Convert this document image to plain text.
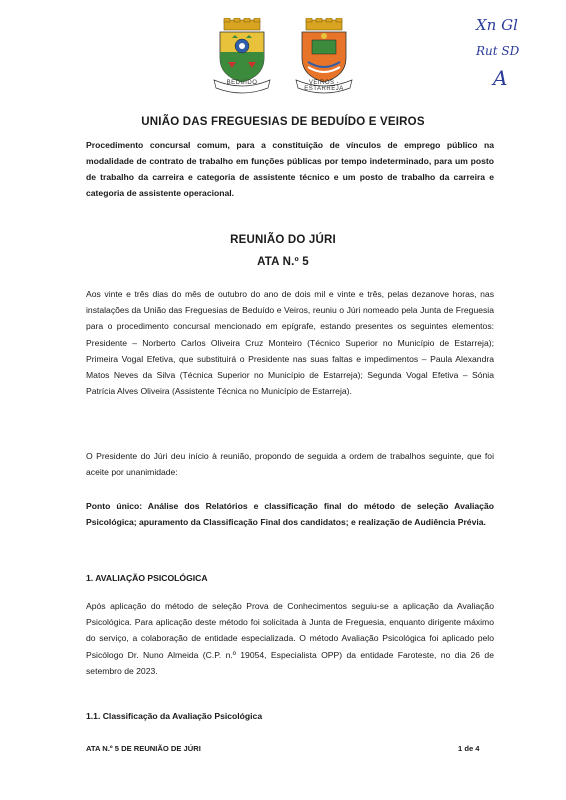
BEDUÍDO	VEIROS - ESTARREJA
Xn Gl
Rut SD
A
UNIÃO DAS FREGUESIAS DE BEDUÍDO E VEIROS
Procedimento concursal comum, para a constituição de vínculos de emprego público na modalidade de contrato de trabalho em funções públicas por tempo indeterminado, para um posto de trabalho da carreira e categoria de assistente técnico e um posto de trabalho da carreira e categoria de assistente operacional.
REUNIÃO DO JÚRI
ATA N.º 5
Aos vinte e três dias do mês de outubro do ano de dois mil e vinte e três, pelas dezanove horas, nas instalações da União das Freguesias de Beduído e Veiros, reuniu o Júri nomeado pela Junta de Freguesia para o procedimento concursal mencionado em epígrafe, estando presentes os seguintes elementos: Presidente – Norberto Carlos Oliveira Cruz Monteiro (Técnico Superior no Município de Estarreja); Primeira Vogal Efetiva, que substituirá o Presidente nas suas faltas e impedimentos – Paula Alexandra Matos Neves da Silva (Técnica Superior no Município de Estarreja); Segunda Vogal Efetiva – Sónia Patrícia Alves Oliveira (Assistente Técnica no Município de Estarreja).
O Presidente do Júri deu início à reunião, propondo de seguida a ordem de trabalhos seguinte, que foi aceite por unanimidade:
Ponto único: Análise dos Relatórios e classificação final do método de seleção Avaliação Psicológica; apuramento da Classificação Final dos candidatos; e realização de Audiência Prévia.
1. AVALIAÇÃO PSICOLÓGICA
Após aplicação do método de seleção Prova de Conhecimentos seguiu-se a aplicação da Avaliação Psicológica. Para aplicação deste método foi solicitada à Junta de Freguesia, enquanto dirigente máximo do serviço, a colaboração de entidade especializada. O método Avaliação Psicológica foi aplicado pelo Psicólogo Dr. Nuno Almeida (C.P. n.º 19054, Especialista OPP) da entidade Faroteste, no dia 26 de setembro de 2023.
1.1. Classificação da Avaliação Psicológica
ATA N.º 5 DE REUNIÃO DE JÚRI	1 de 4
